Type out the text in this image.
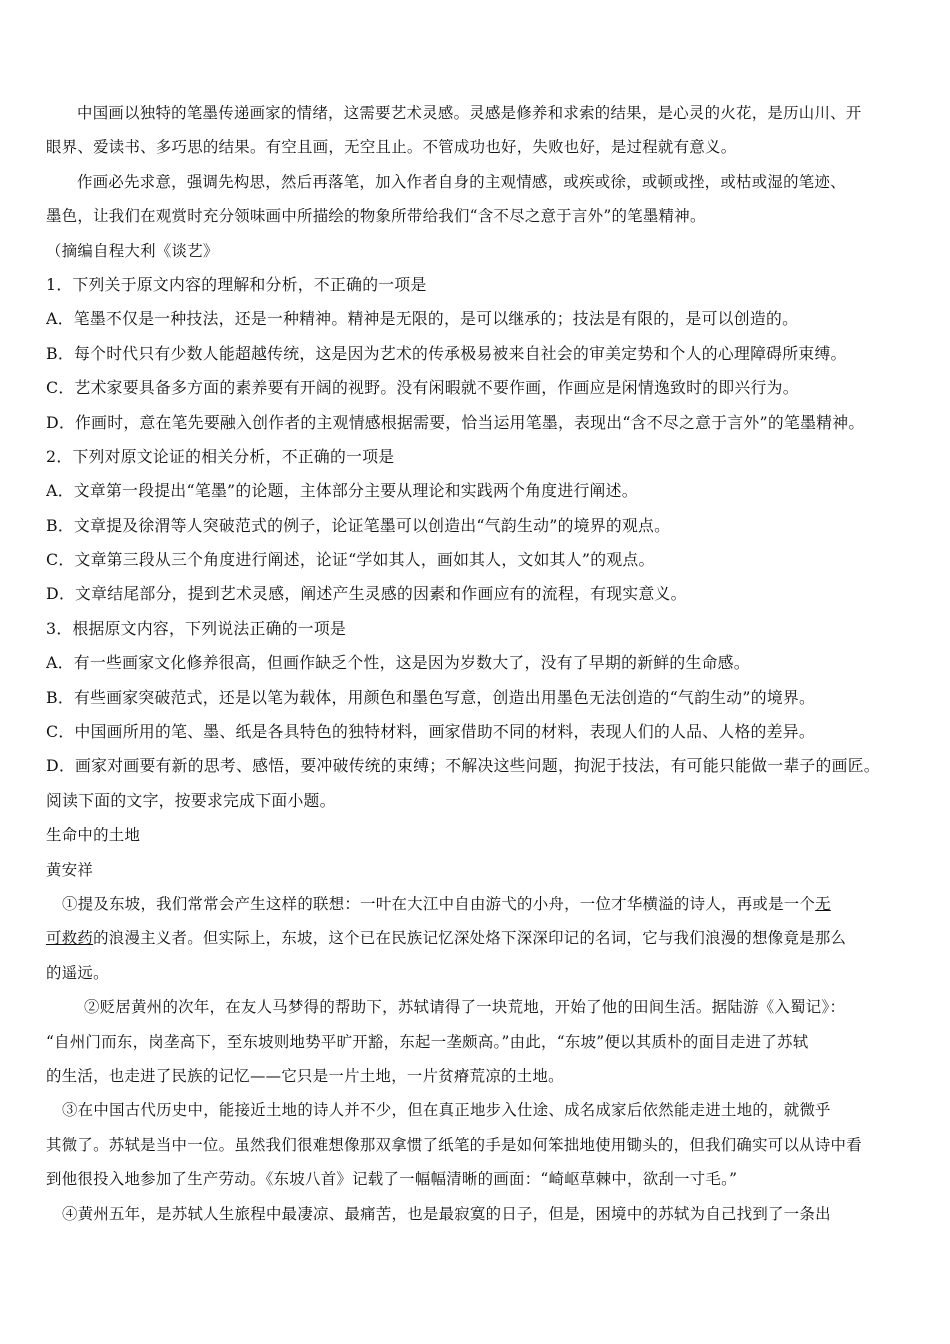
中国画以独特的笔墨传递画家的情绪，这需要艺术灵感。灵感是修养和求索的结果，是心灵的火花，是历山川、开
眼界、爱读书、多巧思的结果。有空且画，无空且止。不管成功也好，失败也好，是过程就有意义。
作画必先求意，强调先构思，然后再落笔，加入作者自身的主观情感，或疾或徐，或顿或挫，或枯或湿的笔迹、
墨色，让我们在观赏时充分领味画中所描绘的物象所带给我们“含不尽之意于言外”的笔墨精神。
（摘编自程大利《谈艺》
1．下列关于原文内容的理解和分析，不正确的一项是
A．笔墨不仅是一种技法，还是一种精神。精神是无限的，是可以继承的；技法是有限的，是可以创造的。
B．每个时代只有少数人能超越传统，这是因为艺术的传承极易被来自社会的审美定势和个人的心理障碍所束缚。
C．艺术家要具备多方面的素养要有开阔的视野。没有闲暇就不要作画，作画应是闲情逸致时的即兴行为。
D．作画时，意在笔先要融入创作者的主观情感根据需要，恰当运用笔墨，表现出“含不尽之意于言外”的笔墨精神。
2．下列对原文论证的相关分析，不正确的一项是
A．文章第一段提出“笔墨”的论题，主体部分主要从理论和实践两个角度进行阐述。
B．文章提及徐渭等人突破范式的例子，论证笔墨可以创造出“气韵生动”的境界的观点。
C．文章第三段从三个角度进行阐述，论证“学如其人，画如其人，文如其人”的观点。
D．文章结尾部分，提到艺术灵感，阐述产生灵感的因素和作画应有的流程，有现实意义。
3．根据原文内容，下列说法正确的一项是
A．有一些画家文化修养很高，但画作缺乏个性，这是因为岁数大了，没有了早期的新鲜的生命感。
B．有些画家突破范式，还是以笔为载体，用颜色和墨色写意，创造出用墨色无法创造的“气韵生动”的境界。
C．中国画所用的笔、墨、纸是各具特色的独特材料，画家借助不同的材料，表现人们的人品、人格的差异。
D．画家对画要有新的思考、感悟，要冲破传统的束缚；不解决这些问题，拘泥于技法，有可能只能做一辈子的画匠。
阅读下面的文字，按要求完成下面小题。
生命中的土地
黄安祥
①提及东坡，我们常常会产生这样的联想：一叶在大江中自由游弋的小舟，一位才华横溢的诗人，再或是一个无
可救药的浪漫主义者。但实际上，东坡，这个已在民族记忆深处烙下深深印记的名词，它与我们浪漫的想像竟是那么
的遥远。
②贬居黄州的次年，在友人马梦得的帮助下，苏轼请得了一块荒地，开始了他的田间生活。据陆游《入蜀记》：
“自州门而东，岗垄高下，至东坡则地势平旷开豁，东起一垄颇高。”由此，“东坡”便以其质朴的面目走进了苏轼
的生活，也走进了民族的记忆——它只是一片土地，一片贫瘠荒凉的土地。
③在中国古代历史中，能接近土地的诗人并不少，但在真正地步入仕途、成名成家后依然能走进土地的，就微乎
其微了。苏轼是当中一位。虽然我们很难想像那双拿惯了纸笔的手是如何笨拙地使用锄头的，但我们确实可以从诗中看
到他很投入地参加了生产劳动。《东坡八首》记载了一幅幅清晰的画面：“崎岖草棘中，欲刮一寸毛。”
④黄州五年，是苏轼人生旅程中最凄凉、最痛苦，也是最寂寞的日子，但是，困境中的苏轼为自己找到了一条出
